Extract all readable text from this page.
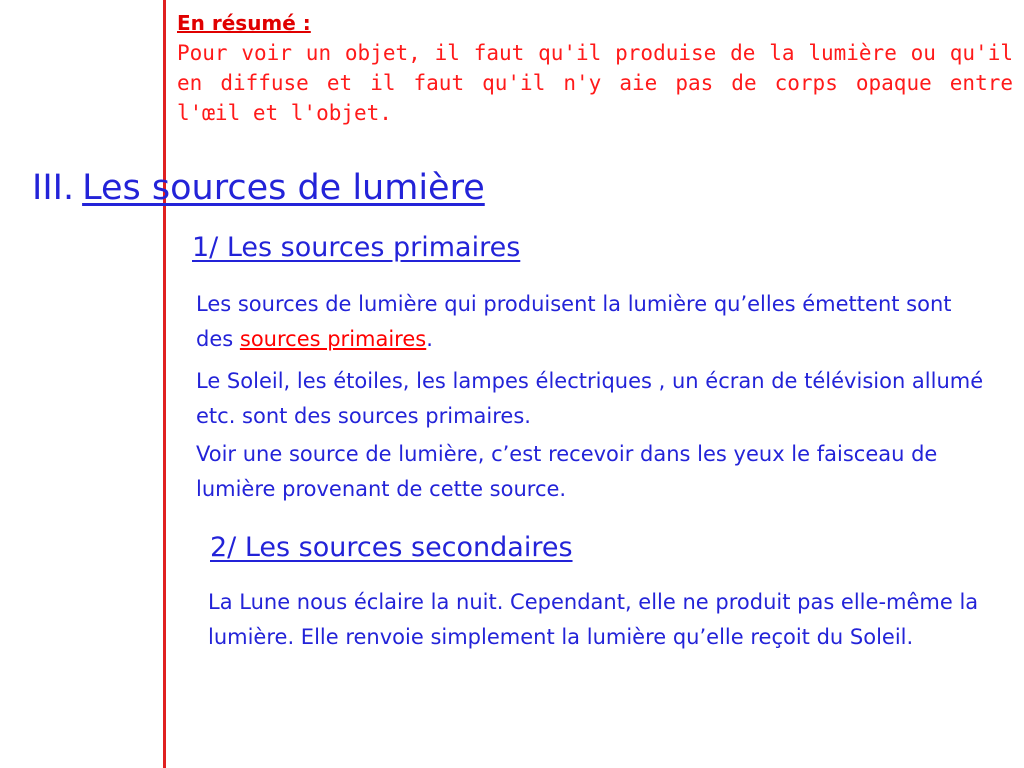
En résumé :

Pour voir un objet, il faut qu'il produise de la lumière ou qu'il en diffuse et il faut qu'il n'y aie pas de corps opaque entre l'œil et l'objet.

III. Les sources de lumière
1/ Les sources primaires

Les sources de lumière qui produisent la lumière qu’elles émettent sont des sources primaires.

Le Soleil, les étoiles, les lampes électriques , un écran de télévision allumé etc. sont des sources primaires.

Voir une source de lumière, c’est recevoir dans les yeux le faisceau de lumière provenant de cette source.

2/ Les sources secondaires

La Lune nous éclaire la nuit. Cependant, elle ne produit pas elle-même la lumière. Elle renvoie simplement la lumière qu’elle reçoit du Soleil.
